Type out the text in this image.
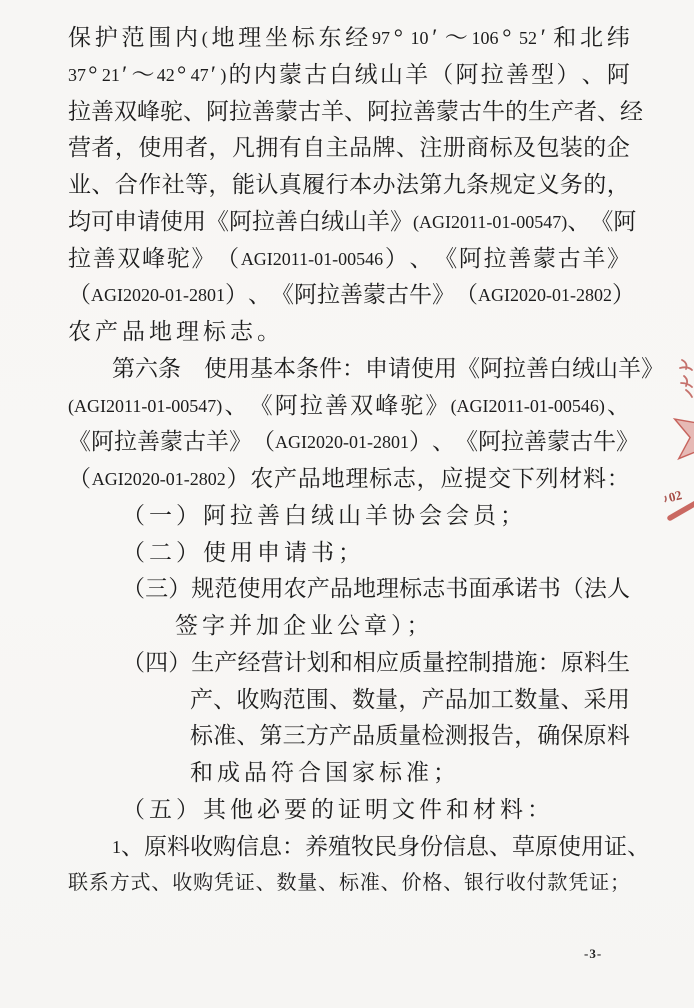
保 护 范 围 内 ( 地 理 坐 标 东 经 97 ° 10 ′ ～ 106 ° 52 ′ 和 北 纬
37 ° 21 ′ ～ 42 ° 47 ′ ) 的 内 蒙 古 白 绒 山 羊 （ 阿 拉 善 型 ） 、 阿
拉 善 双 峰 驼 、 阿 拉 善 蒙 古 羊 、 阿 拉 善 蒙 古 牛 的 生 产 者 、 经
营 者 ， 使 用 者 ， 凡 拥 有 自 主 品 牌 、 注 册 商 标 及 包 装 的 企
业 、 合 作 社 等 ， 能 认 真 履 行 本 办 法 第 九 条 规 定 义 务 的 ，
均 可 申 请 使 用 《 阿 拉 善 白 绒 山 羊 》 (AGI2011-01-00547) 、 《 阿
拉 善 双 峰 驼 》 （ AGI2011-01-00546 ） 、 《 阿 拉 善 蒙 古 羊 》
（ AGI2020-01-2801 ） 、 《 阿 拉 善 蒙 古 牛 》 （ AGI2020-01-2802 ）
农产品地理标志。
第 六 条
　 使 用 基 本 条 件 ： 申 请 使 用 《 阿 拉 善 白 绒 山 羊 》
(AGI2011-01-00547) 、 《 阿 拉 善 双 峰 驼 》 (AGI2011-01-00546) 、
《 阿 拉 善 蒙 古 羊 》 （ AGI2020-01-2801 ） 、 《 阿 拉 善 蒙 古 牛 》
（ AGI2020-01-2802 ） 农 产 品 地 理 标 志 ， 应 提 交 下 列 材 料 ：
（一）阿拉善白绒山羊协会会员；
（二）使用申请书；
（ 三 ） 规 范 使 用 农 产 品 地 理 标 志 书 面 承 诺 书 （ 法 人
签字并加企业公章）；
（ 四 ） 生 产 经 营 计 划 和 相 应 质 量 控 制 措 施 ： 原 料 生
产 、 收 购 范 围 、 数 量 ， 产 品 加 工 数 量 、 采 用
标 准 、 第 三 方 产 品 质 量 检 测 报 告 ， 确 保 原 料
和成品符合国家标准；
（五）其他必要的证明文件和材料：
1 、 原 料 收 购 信 息 ： 养 殖 牧 民 身 份 信 息 、 草 原 使 用 证 、
联 系 方 式 、 收 购 凭 证 、 数 量 、 标 准 、 价 格 、 银 行 收 付 款 凭 证 ；
-3-
02
